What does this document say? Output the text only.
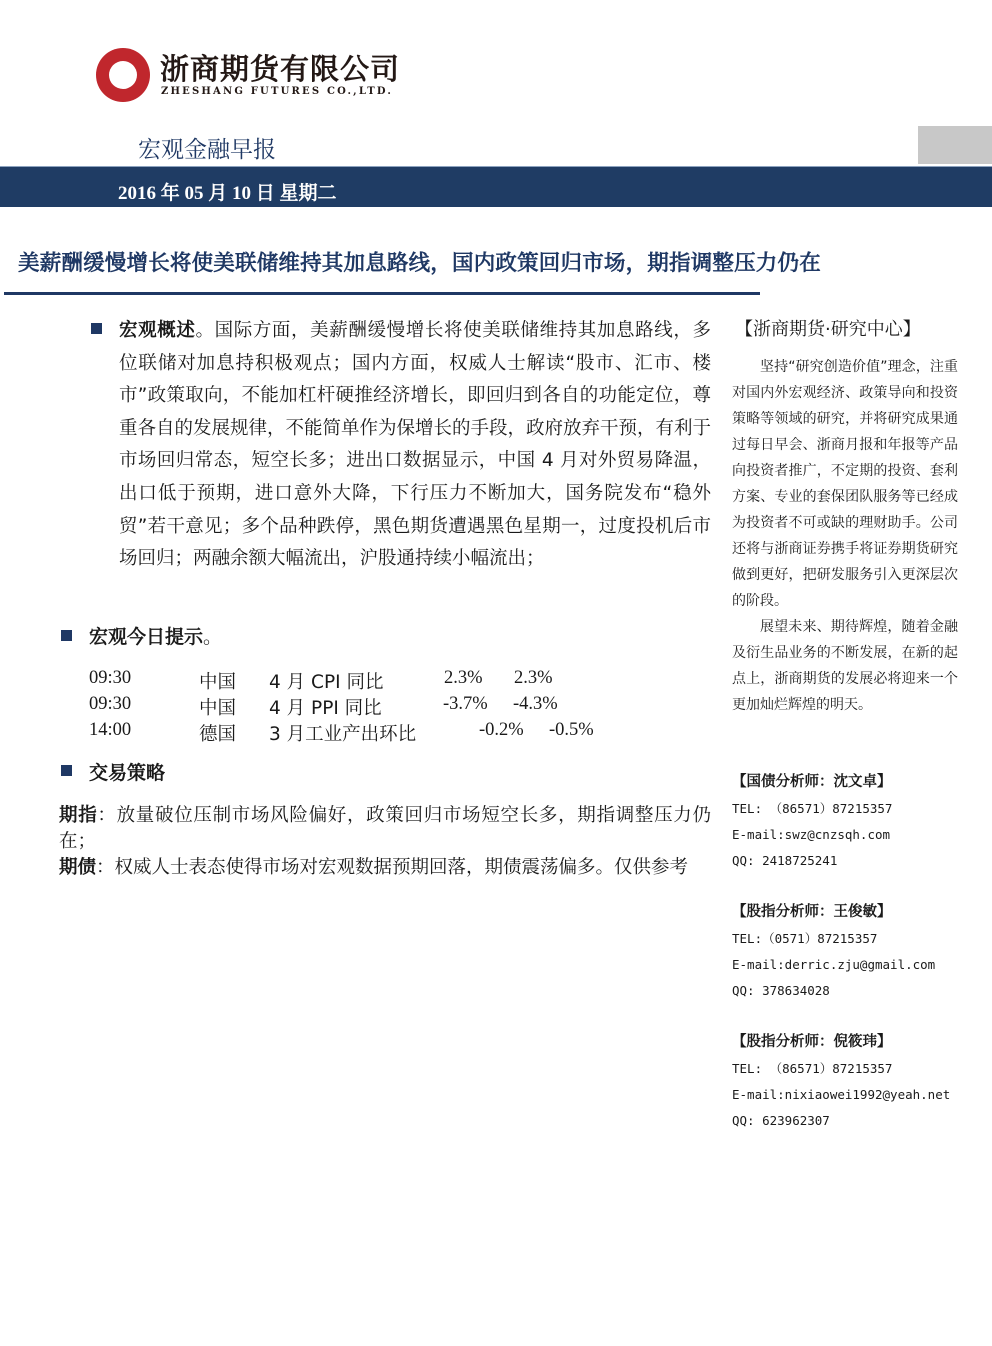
浙商期货有限公司
ZHESHANG FUTURES CO.,LTD.
宏观金融早报
2016 年 05 月 10 日 星期二
美薪酬缓慢增长将使美联储维持其加息路线，国内政策回归市场，期指调整压力仍在
宏观概述。国际方面，美薪酬缓慢增长将使美联储维持其加息路线，多位联储对加息持积极观点；国内方面，权威人士解读“股市、汇市、楼市”政策取向，不能加杠杆硬推经济增长，即回归到各自的功能定位，尊重各自的发展规律，不能简单作为保增长的手段，政府放弃干预，有利于市场回归常态，短空长多；进出口数据显示，中国 4 月对外贸易降温，出口低于预期，进口意外大降，下行压力不断加大，国务院发布“稳外贸”若干意见；多个品种跌停，黑色期货遭遇黑色星期一，过度投机后市场回归；两融余额大幅流出，沪股通持续小幅流出；
宏观今日提示。
09:30	中国 4 月 CPI 同比	2.3% 2.3%
09:30	中国 4 月 PPI 同比	-3.7% -4.3%
14:00	德国 3 月工业产出环比	-0.2% -0.5%
交易策略
期指：放量破位压制市场风险偏好，政策回归市场短空长多，期指调整压力仍在；
期债：权威人士表态使得市场对宏观数据预期回落，期债震荡偏多。仅供参考
【浙商期货·研究中心】

坚持“研究创造价值”理念，注重对国内外宏观经济、政策导向和投资策略等领域的研究，并将研究成果通过每日早会、浙商月报和年报等产品向投资者推广，不定期的投资、套利方案、专业的套保团队服务等已经成为投资者不可或缺的理财助手。公司还将与浙商证券携手将证券期货研究做到更好，把研发服务引入更深层次的阶段。

展望未来、期待辉煌，随着金融及衍生品业务的不断发展，在新的起点上，浙商期货的发展必将迎来一个更加灿烂辉煌的明天。

【国债分析师：沈文卓】
TEL: （86571）87215357
E-mail:swz@cnzsqh.com
QQ: 2418725241
【股指分析师：王俊敏】
TEL:（0571）87215357
E-mail:derric.zju@gmail.com
QQ: 378634028
【股指分析师：倪筱玮】
TEL: （86571）87215357
E-mail:nixiaowei1992@yeah.net
QQ: 623962307
